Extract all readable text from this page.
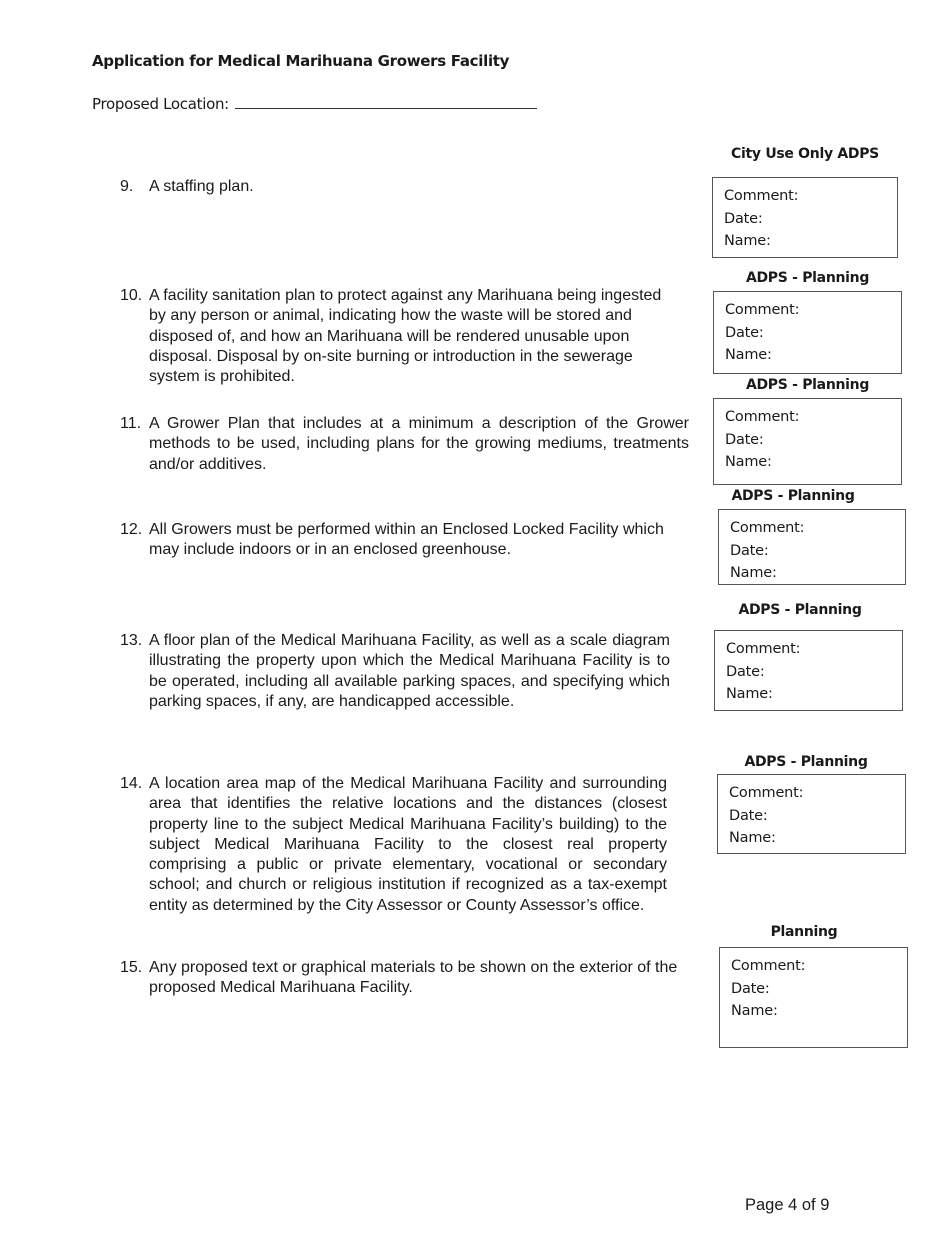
Application for Medical Marihuana Growers Facility
Proposed Location:
9. A staffing plan.
10. A facility sanitation plan to protect against any Marihuana being ingested by any person or animal, indicating how the waste will be stored and disposed of, and how an Marihuana will be rendered unusable upon disposal. Disposal by on-site burning or introduction in the sewerage system is prohibited.
11. A Grower Plan that includes at a minimum a description of the Grower methods to be used, including plans for the growing mediums, treatments and/or additives.
12. All Growers must be performed within an Enclosed Locked Facility which may include indoors or in an enclosed greenhouse.
13. A floor plan of the Medical Marihuana Facility, as well as a scale diagram illustrating the property upon which the Medical Marihuana Facility is to be operated, including all available parking spaces, and specifying which parking spaces, if any, are handicapped accessible.
14. A location area map of the Medical Marihuana Facility and surrounding area that identifies the relative locations and the distances (closest property line to the subject Medical Marihuana Facility’s building) to the subject Medical Marihuana Facility to the closest real property comprising a public or private elementary, vocational or secondary school; and church or religious institution if recognized as a tax-exempt entity as determined by the City Assessor or County Assessor’s office.
15. Any proposed text or graphical materials to be shown on the exterior of the proposed Medical Marihuana Facility.
City Use Only ADPS
Comment:
Date:
Name:
ADPS - Planning
Comment:
Date:
Name:
ADPS - Planning
Comment:
Date:
Name:
ADPS - Planning
Comment:
Date:
Name:
ADPS - Planning
Comment:
Date:
Name:
ADPS - Planning
Comment:
Date:
Name:
Planning
Comment:
Date:
Name:
Page 4 of 9
